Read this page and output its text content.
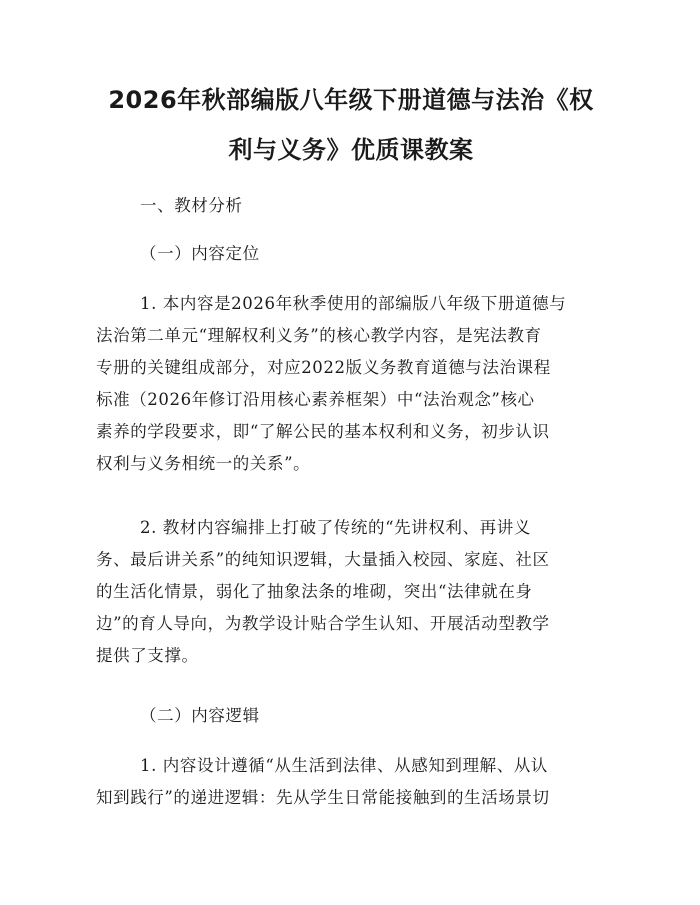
2026年秋部编版八年级下册道德与法治《权
利与义务》优质课教案
一、教材分析
（一）内容定位
1. 本内容是2026年秋季使用的部编版八年级下册道德与
法治第二单元“理解权利义务”的核心教学内容，是宪法教育
专册的关键组成部分，对应2022版义务教育道德与法治课程
标准（2026年修订沿用核心素养框架）中“法治观念”核心
素养的学段要求，即“了解公民的基本权利和义务，初步认识
权利与义务相统一的关系”。
2. 教材内容编排上打破了传统的“先讲权利、再讲义
务、最后讲关系”的纯知识逻辑，大量插入校园、家庭、社区
的生活化情景，弱化了抽象法条的堆砌，突出“法律就在身
边”的育人导向，为教学设计贴合学生认知、开展活动型教学
提供了支撑。
（二）内容逻辑
1. 内容设计遵循“从生活到法律、从感知到理解、从认
知到践行”的递进逻辑：先从学生日常能接触到的生活场景切
